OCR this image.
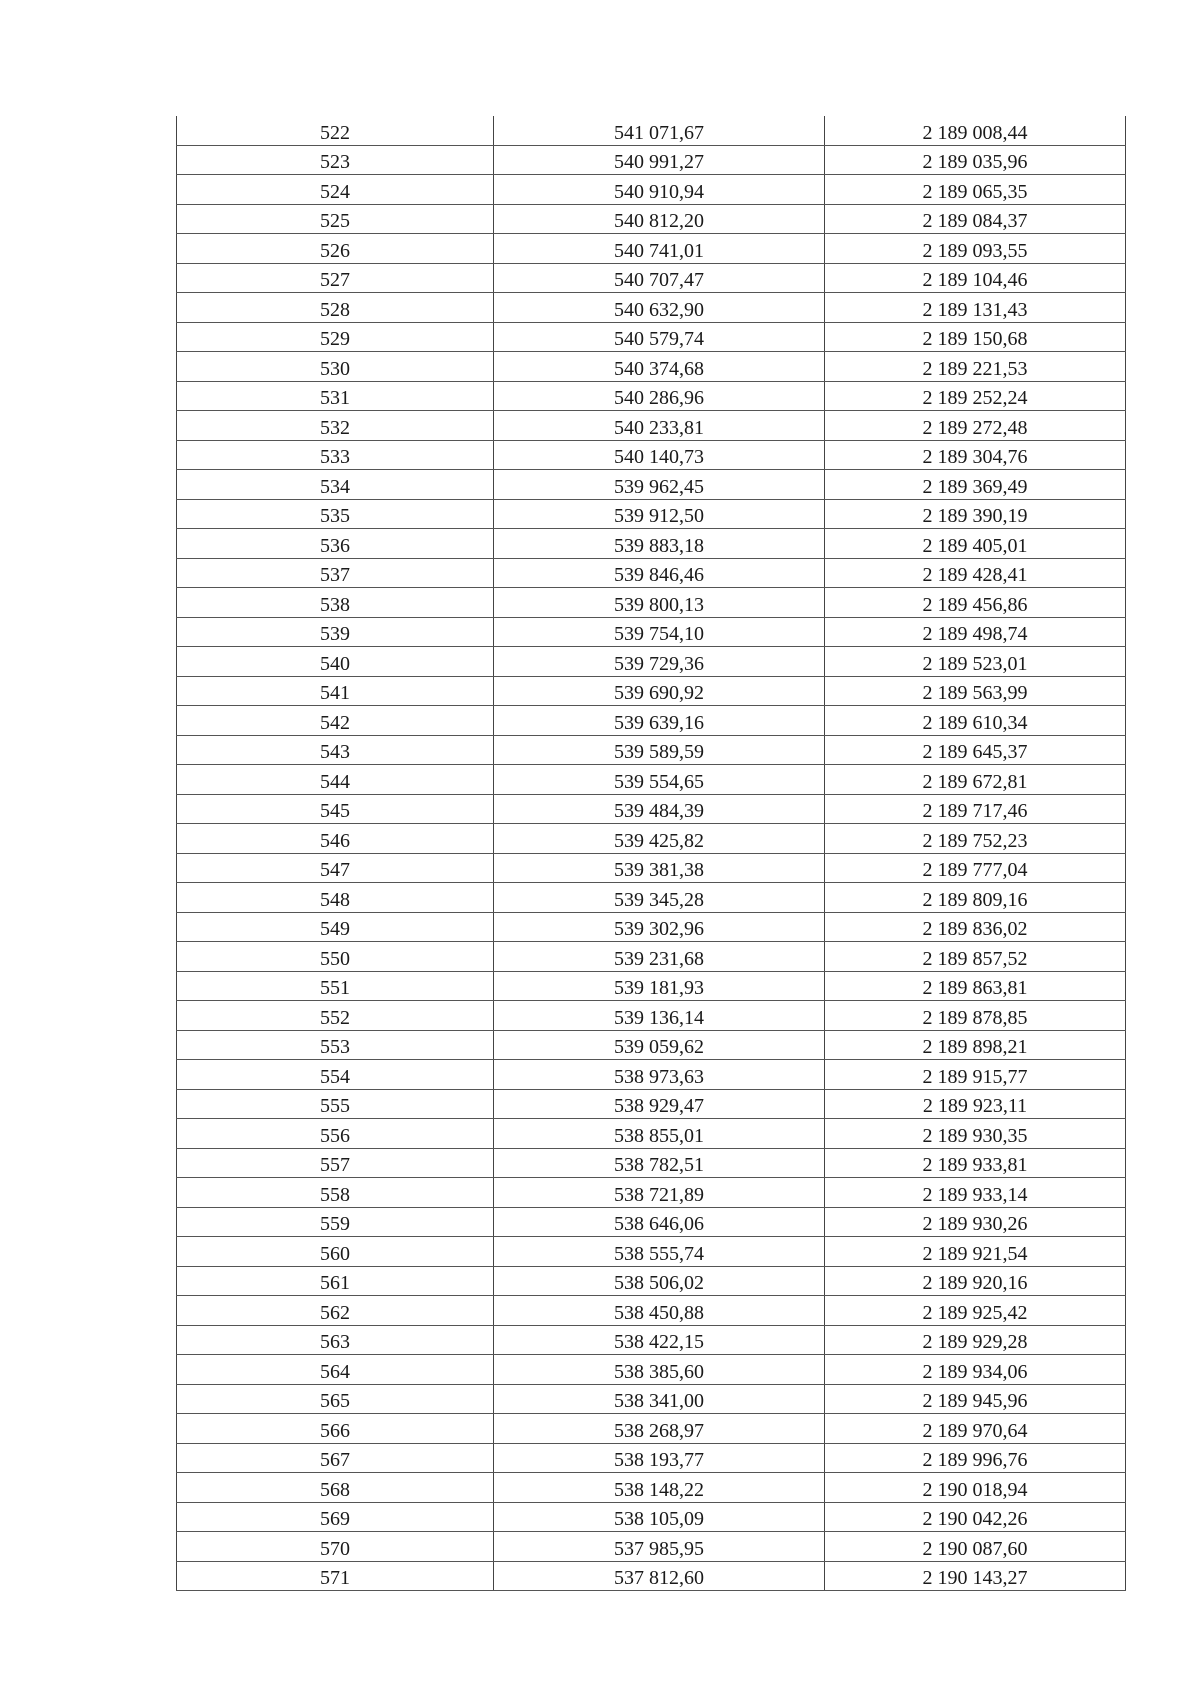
522	541 071,67	2 189 008,44
523	540 991,27	2 189 035,96
524	540 910,94	2 189 065,35
525	540 812,20	2 189 084,37
526	540 741,01	2 189 093,55
527	540 707,47	2 189 104,46
528	540 632,90	2 189 131,43
529	540 579,74	2 189 150,68
530	540 374,68	2 189 221,53
531	540 286,96	2 189 252,24
532	540 233,81	2 189 272,48
533	540 140,73	2 189 304,76
534	539 962,45	2 189 369,49
535	539 912,50	2 189 390,19
536	539 883,18	2 189 405,01
537	539 846,46	2 189 428,41
538	539 800,13	2 189 456,86
539	539 754,10	2 189 498,74
540	539 729,36	2 189 523,01
541	539 690,92	2 189 563,99
542	539 639,16	2 189 610,34
543	539 589,59	2 189 645,37
544	539 554,65	2 189 672,81
545	539 484,39	2 189 717,46
546	539 425,82	2 189 752,23
547	539 381,38	2 189 777,04
548	539 345,28	2 189 809,16
549	539 302,96	2 189 836,02
550	539 231,68	2 189 857,52
551	539 181,93	2 189 863,81
552	539 136,14	2 189 878,85
553	539 059,62	2 189 898,21
554	538 973,63	2 189 915,77
555	538 929,47	2 189 923,11
556	538 855,01	2 189 930,35
557	538 782,51	2 189 933,81
558	538 721,89	2 189 933,14
559	538 646,06	2 189 930,26
560	538 555,74	2 189 921,54
561	538 506,02	2 189 920,16
562	538 450,88	2 189 925,42
563	538 422,15	2 189 929,28
564	538 385,60	2 189 934,06
565	538 341,00	2 189 945,96
566	538 268,97	2 189 970,64
567	538 193,77	2 189 996,76
568	538 148,22	2 190 018,94
569	538 105,09	2 190 042,26
570	537 985,95	2 190 087,60
571	537 812,60	2 190 143,27
